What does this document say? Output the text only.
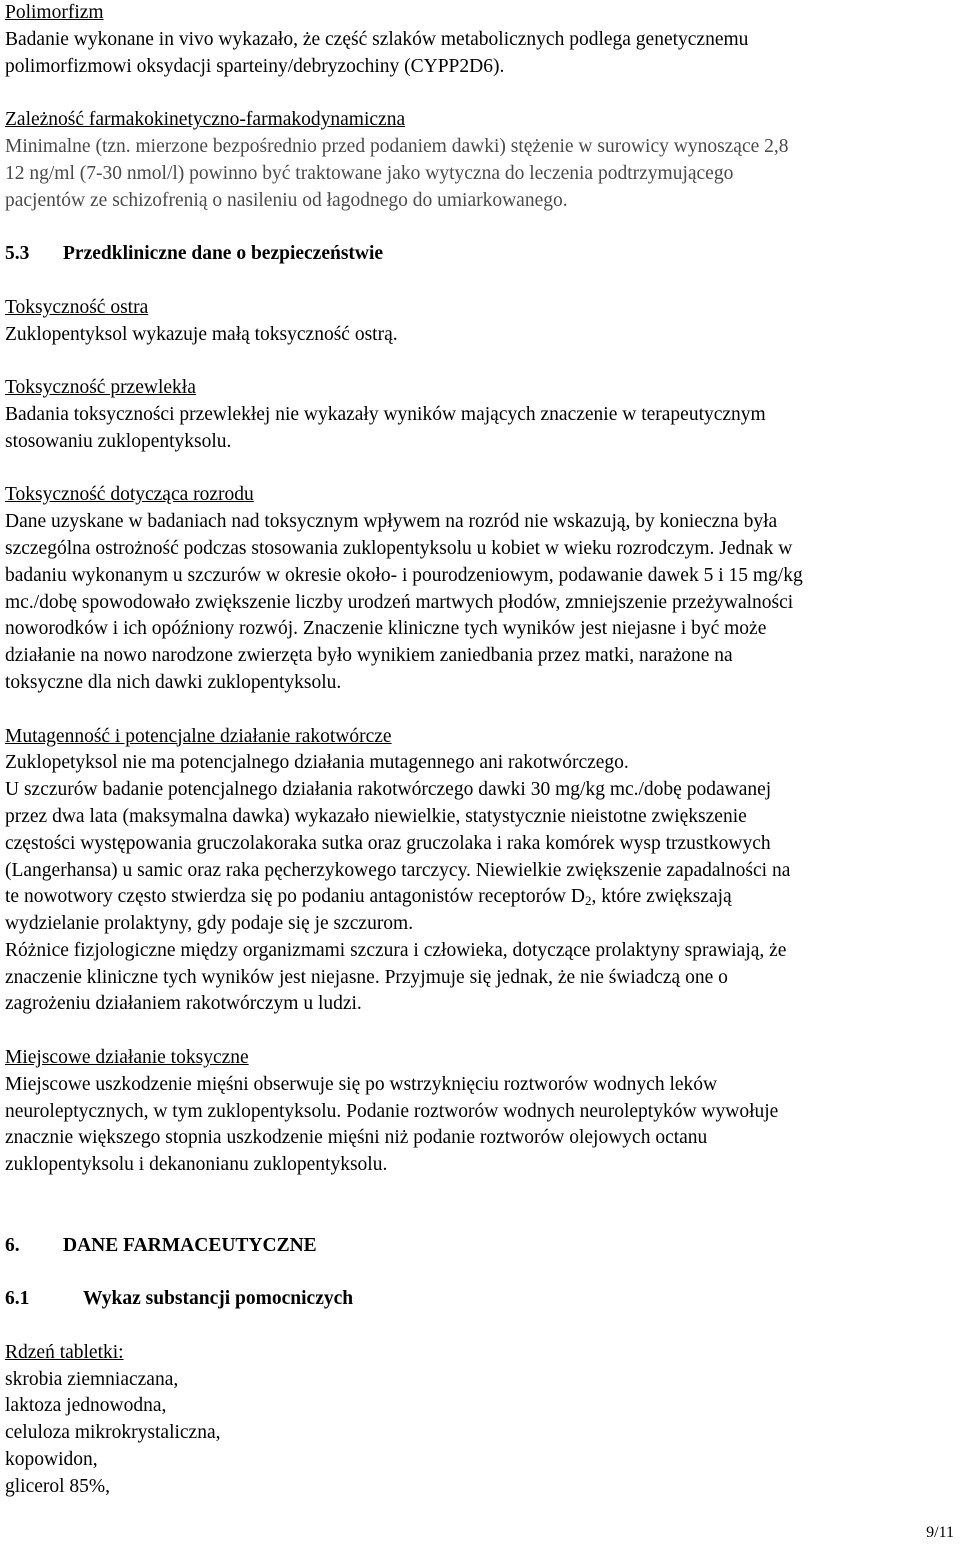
Polimorfizm
Badanie wykonane in vivo wykazało, że część szlaków metabolicznych podlega genetycznemu
polimorfizmowi oksydacji sparteiny/debryzochiny (CYPP2D6).
Zależność farmakokinetyczno-farmakodynamiczna
Minimalne (tzn. mierzone bezpośrednio przed podaniem dawki) stężenie w surowicy wynoszące 2,8
12 ng/ml (7-30 nmol/l) powinno być traktowane jako wytyczna do leczenia podtrzymującego
pacjentów ze schizofrenią o nasileniu od łagodnego do umiarkowanego.
5.3 Przedkliniczne dane o bezpieczeństwie
Toksyczność ostra
Zuklopentyksol wykazuje małą toksyczność ostrą.
Toksyczność przewlekła
Badania toksyczności przewlekłej nie wykazały wyników mających znaczenie w terapeutycznym
stosowaniu zuklopentyksolu.
Toksyczność dotycząca rozrodu
Dane uzyskane w badaniach nad toksycznym wpływem na rozród nie wskazują, by konieczna była
szczególna ostrożność podczas stosowania zuklopentyksolu u kobiet w wieku rozrodczym. Jednak w
badaniu wykonanym u szczurów w okresie około- i pourodzeniowym, podawanie dawek 5 i 15 mg/kg
mc./dobę spowodowało zwiększenie liczby urodzeń martwych płodów, zmniejszenie przeżywalności
noworodków i ich opóźniony rozwój. Znaczenie kliniczne tych wyników jest niejasne i być może
działanie na nowo narodzone zwierzęta było wynikiem zaniedbania przez matki, narażone na
toksyczne dla nich dawki zuklopentyksolu.
Mutagenność i potencjalne działanie rakotwórcze
Zuklopetyksol nie ma potencjalnego działania mutagennego ani rakotwórczego.
U szczurów badanie potencjalnego działania rakotwórczego dawki 30 mg/kg mc./dobę podawanej
przez dwa lata (maksymalna dawka) wykazało niewielkie, statystycznie nieistotne zwiększenie
częstości występowania gruczolakoraka sutka oraz gruczolaka i raka komórek wysp trzustkowych
(Langerhansa) u samic oraz raka pęcherzykowego tarczycy. Niewielkie zwiększenie zapadalności na
te nowotwory często stwierdza się po podaniu antagonistów receptorów $D_2$, które zwiększają
wydzielanie prolaktyny, gdy podaje się je szczurom.
Różnice fizjologiczne między organizmami szczura i człowieka, dotyczące prolaktyny sprawiają, że
znaczenie kliniczne tych wyników jest niejasne. Przyjmuje się jednak, że nie świadczą one o
zagrożeniu działaniem rakotwórczym u ludzi.
Miejscowe działanie toksyczne
Miejscowe uszkodzenie mięśni obserwuje się po wstrzyknięciu roztworów wodnych leków
neuroleptycznych, w tym zuklopentyksolu. Podanie roztworów wodnych neuroleptyków wywołuje
znacznie większego stopnia uszkodzenie mięśni niż podanie roztworów olejowych octanu
zuklopentyksolu i dekanonianu zuklopentyksolu.
6. DANE FARMACEUTYCZNE
6.1	Wykaz substancji pomocniczych
Rdzeń tabletki:
skrobia ziemniaczana,
laktoza jednowodna,
celuloza mikrokrystaliczna,
kopowidon,
glicerol 85%,
9/11
